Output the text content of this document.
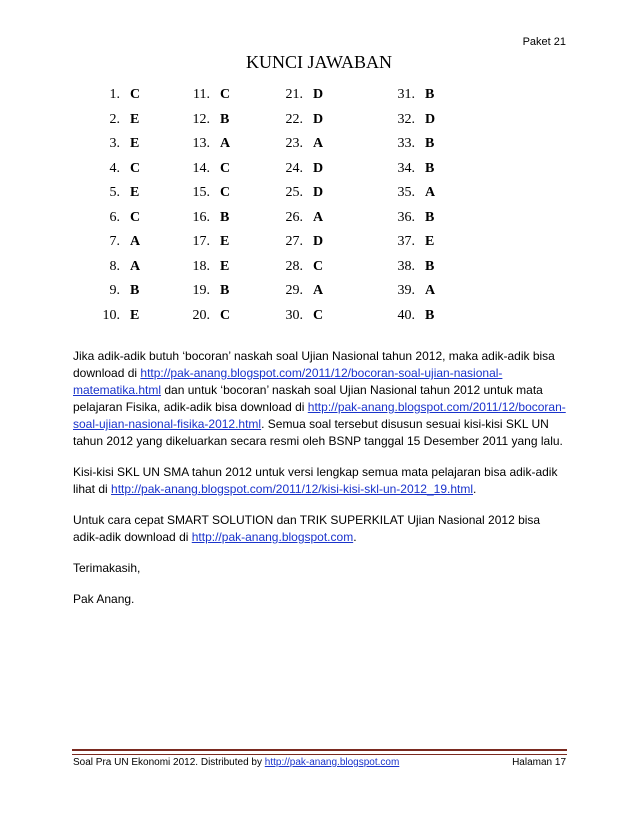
Paket 21
KUNCI JAWABAN
1. C
2. E
3. E
4. C
5. E
6. C
7. A
8. A
9. B
10. E
11. C
12. B
13. A
14. C
15. C
16. B
17. E
18. E
19. B
20. C
21. D
22. D
23. A
24. D
25. D
26. A
27. D
28. C
29. A
30. C
31. B
32. D
33. B
34. B
35. A
36. B
37. E
38. B
39. A
40. B

Jika adik-adik butuh ‘bocoran’ naskah soal Ujian Nasional tahun 2012, maka adik-adik bisa download di http://pak-anang.blogspot.com/2011/12/bocoran-soal-ujian-nasional-matematika.html dan untuk ‘bocoran’ naskah soal Ujian Nasional tahun 2012 untuk mata pelajaran Fisika, adik-adik bisa download di http://pak-anang.blogspot.com/2011/12/bocoran-soal-ujian-nasional-fisika-2012.html. Semua soal tersebut disusun sesuai kisi-kisi SKL UN tahun 2012 yang dikeluarkan secara resmi oleh BSNP tanggal 15 Desember 2011 yang lalu.

Kisi-kisi SKL UN SMA tahun 2012 untuk versi lengkap semua mata pelajaran bisa adik-adik lihat di http://pak-anang.blogspot.com/2011/12/kisi-kisi-skl-un-2012_19.html.

Untuk cara cepat SMART SOLUTION dan TRIK SUPERKILAT Ujian Nasional 2012 bisa adik-adik download di http://pak-anang.blogspot.com.

Terimakasih,

Pak Anang.

Soal Pra UN Ekonomi 2012. Distributed by http://pak-anang.blogspot.com	Halaman 17
